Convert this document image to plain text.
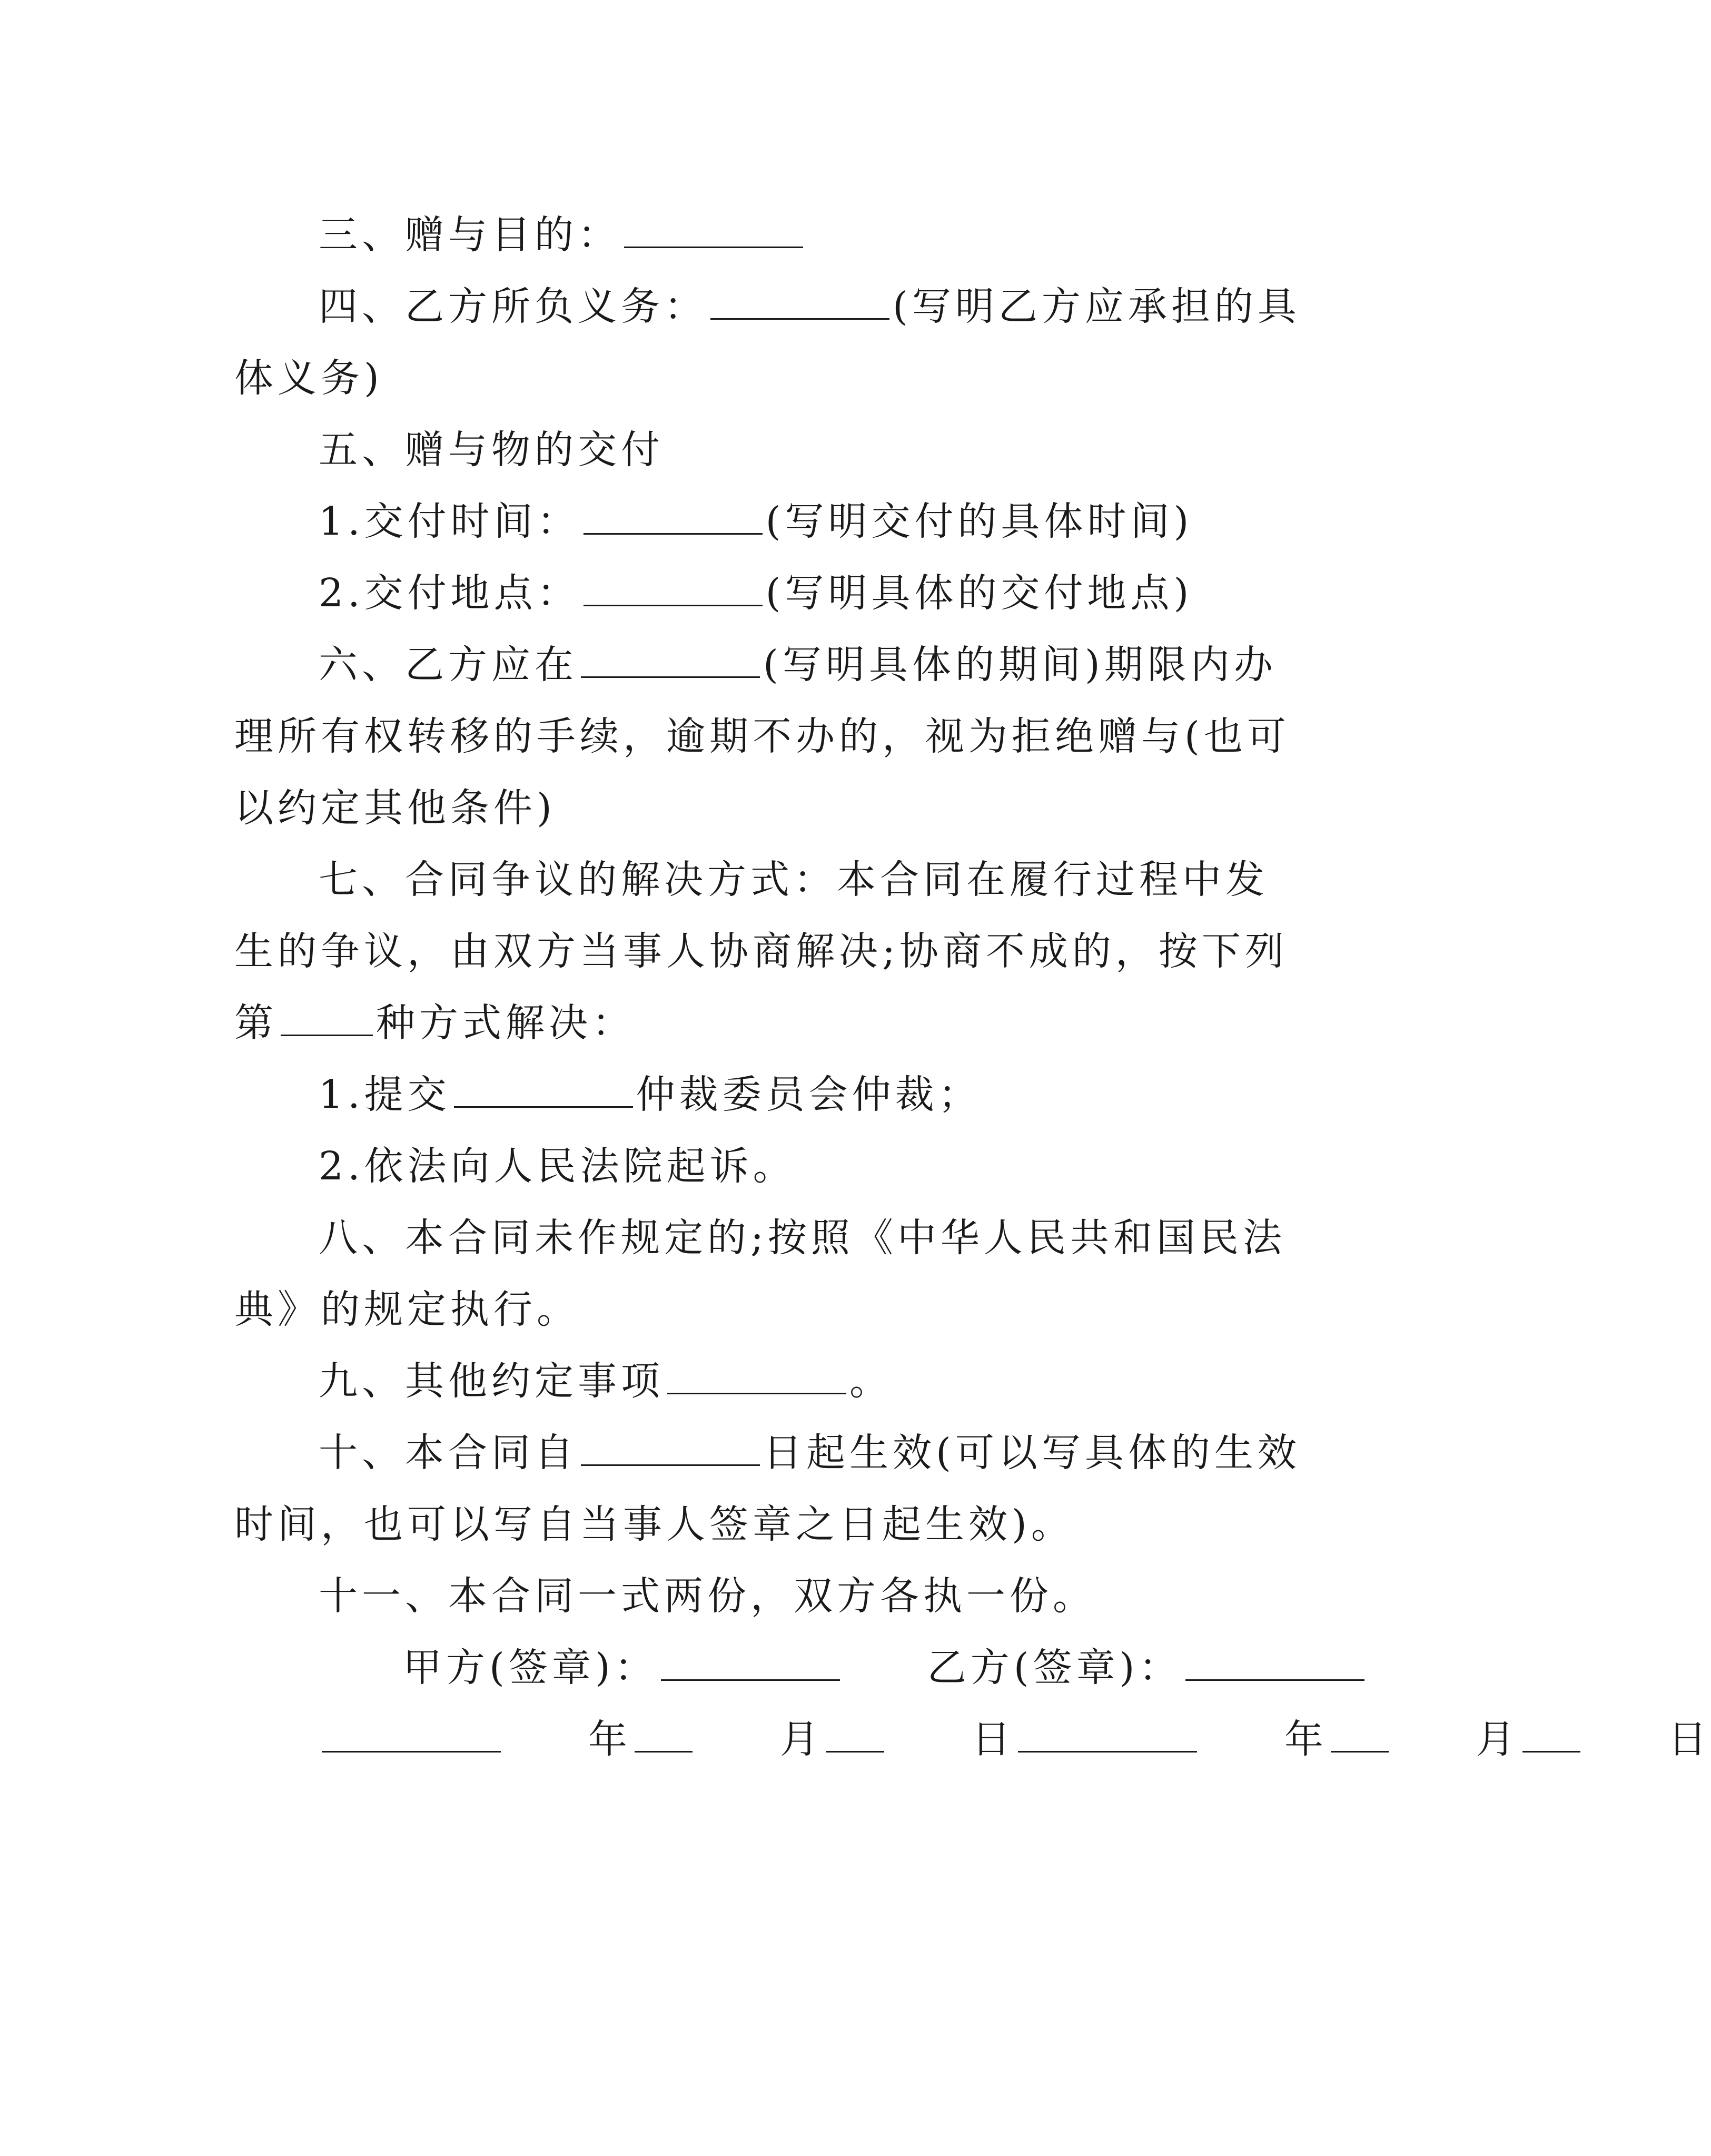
三、赠与目的：

四、乙方所负义务：	(写明乙方应承担的具体义务)

五、赠与物的交付

1.交付时间：	(写明交付的具体时间)

2.交付地点：	(写明具体的交付地点)

六、乙方应在	(写明具体的期间)期限内办理所有权转移的手续，逾期不办的，视为拒绝赠与(也可以约定其他条件)

七、合同争议的解决方式：本合同在履行过程中发生的争议，由双方当事人协商解决;协商不成的，按下列第	种方式解决：

1.提交	仲裁委员会仲裁；

2.依法向人民法院起诉。

八、本合同未作规定的;按照《中华人民共和国民法典》的规定执行。

九、其他约定事项	。

十、本合同自	日起生效(可以写具体的生效时间，也可以写自当事人签章之日起生效)。

十一、本合同一式两份，双方各执一份。

甲方(签章)：	乙方(签章)：

年	月	日	年	月	日
